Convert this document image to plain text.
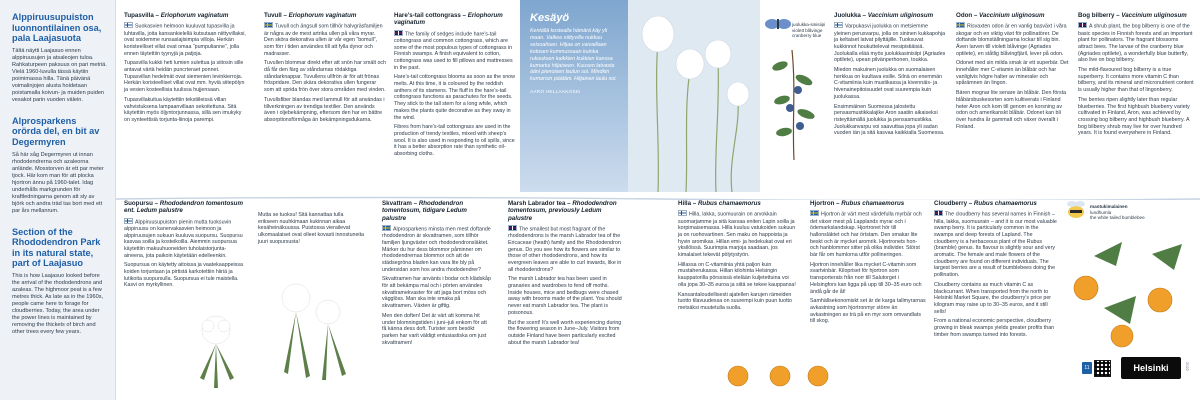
Alppiruusupuiston luonnontilainen osa, pala Laajasuota

Tältä näytti Laajasuo ennen alppiruusujen ja atsaleojen tuloa. Rahkaturpeen paksuus on pari metriä. Vielä 1960-luvulla tässä käytiin poimimassa hilla. Tänä päivänä voimalinjojen alusta hoidetaan poistamalla koivun- ja muiden puiden vesakot parin vuoden välein.

Alprosparkens orörda del, en bit av Degermyren

Så här såg Degermyren ut innan rhododendrerna och azaleorna anlände. Mosstorven är ett par meter tjock. Här kom man för att plocka hjortron ännu på 1960-talet. Idag underhålls markgrunden för kraftledningarna genom att sly av björk och andra träd tas bort med ett par års mellanrum.

Section of the Rhododendron Park in its natural state, part of Laajasuo

This is how Laajasuo looked before the arrival of the rhododendrons and azaleas. The highmoor peat is a few metres thick. As late as in the 1960s, people came here to forage for cloudberries. Today, the area under the power lines is maintained by removing the thickets of birch and other trees every few years.

Tupasvilla – Eriophorum vaginatum

Suokasvien helmoon kuuluvat tupasvilla ja luhtavilla, joita kansankielellä kutsutaan niittyvillaksi, ovat soidemme runsaslajisimpia villoja. Herkän koristeelliset villat ovat omaa “pumpulianne”, jolla ennen täytettiin tyynyjä ja patjoja.

Tupasvilla kukkii heti lumien sulettua ja siitosin sille antavat värtä heidän puncrteraet ponnet. Tupasvillan hedelmät ovat siemenien levinkierroja. Herkän koristeelliset villat ovat mm. hyviä siitepölyn ja vesien kosteellisia tuulissa hujjensaan.

Tupasvillakuitua käytettiin tekstiileissä villan vahvistuksena lampaanvillaan sekoitettuna. Sitä käytettiin myös öljyntorjunnassa, sillä sen imukyky on synteettisiä torjunta-liinoja parempi.

Tuvull – Eriophorum vaginatum

Tuvull och ängsull som tillhör halvgräsfamiljen är några av de mest artrika ullen på våra myrar. Den sköra dekorativa ullen är vår egen “bomull”, som förr i tiden användes till att fylla dynor och madrasser.

Tuvullen blommar direkt efter att snön har smält och då får den färg av ståndarnas rödaktiga ståndarknappar. Tuvullens ullfrön är för att frönas fröspridare. Den skära dekorativa ullen fungerar som att sprida frön över stora områden med vinden.

Tuvullsfiber blandas med lammull för att användas i tillverkningen av trendiga textilier. Den används även i oljebekämpning, eftersom den har en bättre absorptionsförmåga än bekämpningsdukarna.

Hare’s-tail cottongrass – Eriophorum vaginatum

The family of sedges include hare’s-tail cottongrass and common cottongrass, which are some of the most populous types of cottongrass in Finnish swamps. A finish equivalent to cotton, cottongrass was used to fill pillows and mattresses in the past.

Hare’s-tail cottongrass blooms as soon as the snow melts. At this time, it is coloured by the reddish anthers of its stamens. The fluff in the hare’s-tail cottongrass functions as parachutes for the seeds. They stick to the tall stem for a long while, which makes the plants quite decorative as they sway in the wind.

Fibres from hare’s-tail cottongrass are used in the production of trendy textiles, mixed with sheep’s wool. It is also used in responding to oil spills, since it has a better absorption rate than synthetic oil-absorbing cloths.

Kesäyö

Kentällä kostealla hämärä käy yli maan. Valkee niittyvilla nukkuu seisoaltaan. Hiljaa on vaivaillaan kotosen kummussaan kuinka rukouksen kaikkien kukkien kanssa kumartui hiljaiseen. Kuusen latvasta ääni pienoisen laulun soi. Mindkin kumarrun päätäni. Hiljainen laulu soi.

AARO HELLAAKOSKI

juolukka-sinisiipi
violett blåvinge
cranberry blue
Juolukka – Vaccinium uliginosum

Varpukasvi juolukka on metsiemme yleinen perusvarpu, jolla on sininen kukkapohja ja keltaiset latvat pilyttäjille. Tuoksuvat kukkinnot houkuttelevat mesipistiäisiä. Juolukalla elää myös juolukkasinisiipi (Agriades optilete), upean pilvänperhonen, toukka.

Miedon makuinen juolukka on suomalaisen herkkua on kuultava esille. Silnä on enemmän C-vitamiinia kuin mustikassa ja kivennäis- ja hivenainepitoisuudet ovat suurempia kuin juolukassa.

Ensimmäinen Suomessa jalostettu pensasmustikkalajike Aron saatiin aikaiseksi risteyttämällä juolukka ja pensasmustikka. Juolukkanvarpu voi saavuttaa jopa yli sadan vuoden iän ja sitä kasvaa kaikkialla Suomessa.

Odon – Vaccinium uliginosum

Risvaxten odon är en vanlig basväxt i våra skogar och en viktig växt för pollinatörer. De doftande blomställningarna lockar till sig bin. Även larven till violett blåvinge (Agriades optilete), en ståtlig blåvingfjäril, lever på odon.

Odonet med sin milda smak är ett superbär. Det innehåller mer C-vitamin än blåbär och har vanligtvis högre halter av mineraler och spårämnen än lingon.

Bären mognar lite senare än blåbär. Den första blåbärsbuskesorten som kultiverats i Finland heter Aron och kom till genom en korsning av odon och amerikanskt blåbär. Odonet kan bli över hundra år gammalt och växer överallt i Finland.

Bog bilberry – Vaccinium uliginosum

A shrub plant, the bog bilberry is one of the basic species in Finnish forests and an important plant for pollinators. The fragrant blossoms attract bees. The larvae of the cranberry blue (Agriades optilete), a wonderfully blue butterfly, also live on bog bilberry.

The mild-flavoured bog bilberry is a true superberry. It contains more vitamin C than bilberry, and its mineral and micronutrient content is usually higher than that of lingonberry.

The berries ripen slightly later than regular blueberries. The first highbush blueberry variety cultivated in Finland, Aron, was achieved by crossing bog bilberry and highbush blueberry. A bog bilberry shrub may live for over hundred years. It is found everywhere in Finland.

Suopursu – Rhododendron tomentosum ent. Ledum palustre

Alppiruusupuiston pienin mutta tuoksuvin alppiruusu on kanervakasvien heimoon ja alppiruusujen sukuun kuuluva suopursu. Suopursu kasvaa soilla ja kosteikoilla. Aiemmin suopursua käytettiin makuuhuoneiden tuholaistorjunta-aineena, jota paikoin käytetään edelleenkin.

Suopursua on käytetty aitoissa ja vaatekaappeissa koiden torjuntaan ja pirtistä karkotettiin hiiriä ja lutikoita suopursulla. Suopursua ei tule maistella. Kasvi on myrkyllinen.

Mutta se tuoksu! Sitä kannattaa tulla erikseen nuuhkimaan kukinnan aikaa kesäheinäkuussa. Puistossa vierailevat ulkomaalaiset ovat olleet kovasti innostuneita juuri suopursusta!

Skvattram – Rhododendron tomentosum, tidigare Ledum palustre

Alprosparkens minsta men mest doftande rhododendron är skvattramen, som tillhör familjen ljungväxter och rhododendronsläktet. Märker du hur dess blommor påminner om rhododendrernas blommor och att de städsegröna bladen kan vara lite bly på undersidan som hos andra rhododendrer?

Skvattramen har använts i bodar och klädskåp för att bekämpa mal och i pörten användes skvattramekvaster för att jaga bort möss och vägglöss. Man ska inte smaka på skvattramen. Växten är giftig.

Men den doften! Det är värt att komma hit under blomningstiden i juni–juli enkom för att få känna dess doft. Turister som besökt parken har varit väldigt entusiastiska om just skvattramen!

Marsh Labrador tea – Rhododendron tomentosum, previously Ledum palustre

The smallest but most fragrant of the rhododendrons is the marsh Labrador tea of the Ericaceae (heath) family and the Rhododendron genus. Do you see how its flowers are similar to those of other rhododendrons, and how its evergreen leaves are able to curl inwards, like in all rhododendrons?

The marsh Labrador tea has been used in granaries and wardrobes to fend off moths. Inside houses, mice and bedbugs were chased away with brooms made of the plant. You should never eat marsh Labrador tea. The plant is poisonous.

But the scent! It’s well worth experiencing during the flowering season in June–July. Visitors from outside Finland have been particularly excited about the marsh Labrador tea!

Hilla – Rubus chamaemorus

Hilla, lakka, suomuurain on arvokkain suomarjamme ja sitä kasvaa eniten Lapin soilla ja korpimaisemassa. Hilla kuuluu vatukoiden sukuun ja on ruohovartinen. Sen maku on happoista ja hyvin aromikas. Hillan emi- ja hedekukat ovat eri yksilöissä. Suurimpia marjoja saadaan, jos kimalaiset tekevät pölytystyön.

Hillassa on C-vitamiinia yhtä paljon kuin mustaherukassa. Hillan kilohinta Helsingin kauppatorilla pörssissä etelään kuljetettuina voi olla jopa 30–35 euroa ja siitä se tekee kauppansa!

Kansantaloudellisesti ajatellen karujen rämeiden tuotto tilavuudessa on suurempi kuin puun tuotto metsäksi muutetulla suolla.

Hjortron – Rubus chamaemorus

Hjortron är värt mest värdefulla myrbär och det växer mest på Lapplands myrar och i ödemarkslandskap. Hjortronet hör till hallonsläktet och har örtstam. Den smakar lite beskt och är mycket aromrik. Hjortronets hon- och hanblommor sitter på olika individer. Störst bär får om humlorna utför pollineringen.

Hjortron innehåller lika mycket C-vitamin som svartvinbär. Kilopriset för hjortron som transporterats från norr till Salutorget i Helsingfors kan ligga på upp till 30–35 euro och ändå går de åt!

Samhällsekonomiskt set är de karga tallmyrarnas avkastning som hjortronmyr större än avkastningen av trä på en myr som omvandlats till skog.

Cloudberry – Rubus chamaemorus

The cloudberry has several names in Finnish – hilla, lakka, suomuurain – and it is our most valuable swamp berry. It is particularly common in the swamps and deep forests of Lapland. The cloudberry is a herbaceous plant of the Rubus (bramble) genus. Its flavour is slightly sour and very aromatic. The female and male flowers of the cloudberry are found on different individuals. The largest berries are a result of bumblebees doing the pollination.

Cloudberry contains as much vitamin C as blackcurrant. When transported from the north to Helsinki Market Square, the cloudberry’s price per kilogram may raise up to 30–35 euros, and it still sells!

From a national economic perspective, cloudberry growing in bleak swamps yields greater profits than timber from swamps turned into forests.

mantukimalainen
lundhumla
the white tailed bumblebee
11	Helsinki	2022
